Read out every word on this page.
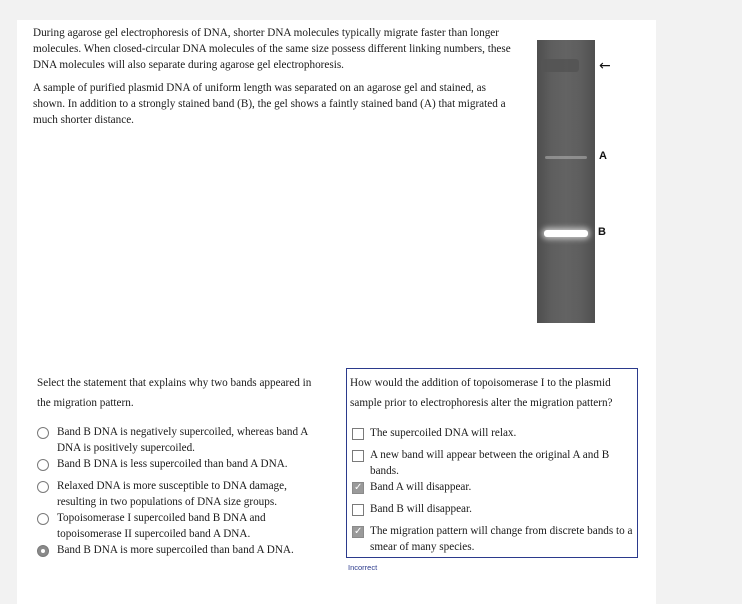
During agarose gel electrophoresis of DNA, shorter DNA molecules typically migrate faster than longer molecules. When closed-circular DNA molecules of the same size possess different linking numbers, these DNA molecules will also separate during agarose gel electrophoresis.

A sample of purified plasmid DNA of uniform length was separated on an agarose gel and stained, as shown. In addition to a strongly stained band (B), the gel shows a faintly stained band (A) that migrated a much shorter distance.

←
A
B
Select the statement that explains why two bands appeared in the migration pattern.
Band B DNA is negatively supercoiled, whereas band A DNA is positively supercoiled.
Band B DNA is less supercoiled than band A DNA.
Relaxed DNA is more susceptible to DNA damage, resulting in two populations of DNA size groups.
Topoisomerase I supercoiled band B DNA and topoisomerase II supercoiled band A DNA.
Band B DNA is more supercoiled than band A DNA.
How would the addition of topoisomerase I to the plasmid sample prior to electrophoresis alter the migration pattern?
The supercoiled DNA will relax.
A new band will appear between the original A and B bands.
✓
Band A will disappear.
Band B will disappear.
✓
The migration pattern will change from discrete bands to a smear of many species.
Incorrect
